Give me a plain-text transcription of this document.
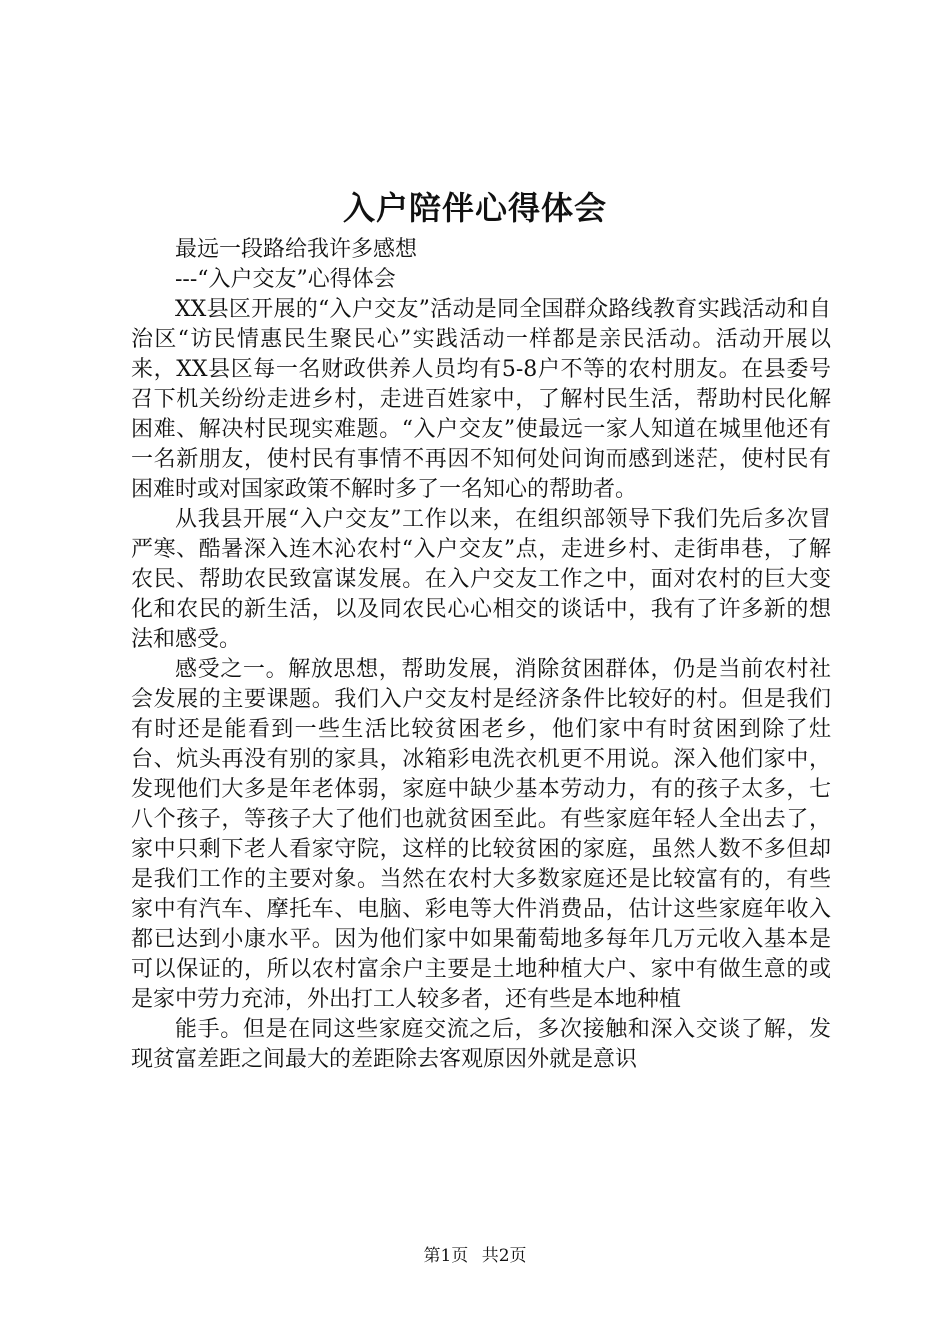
入户陪伴心得体会

最远一段路给我许多感想

---“入户交友”心得体会

XX县区开展的“入户交友”活动是同全国群众路线教育实践活动和自治区“访民情惠民生聚民心”实践活动一样都是亲民活动。活动开展以来，XX县区每一名财政供养人员均有5-8户不等的农村朋友。在县委号召下机关纷纷走进乡村，走进百姓家中，了解村民生活，帮助村民化解困难、解决村民现实难题。“入户交友”使最远一家人知道在城里他还有一名新朋友，使村民有事情不再因不知何处问询而感到迷茫，使村民有困难时或对国家政策不解时多了一名知心的帮助者。

从我县开展“入户交友”工作以来，在组织部领导下我们先后多次冒严寒、酷暑深入连木沁农村“入户交友”点，走进乡村、走街串巷，了解农民、帮助农民致富谋发展。在入户交友工作之中，面对农村的巨大变化和农民的新生活，以及同农民心心相交的谈话中，我有了许多新的想法和感受。

感受之一。解放思想，帮助发展，消除贫困群体，仍是当前农村社会发展的主要课题。我们入户交友村是经济条件比较好的村。但是我们有时还是能看到一些生活比较贫困老乡，他们家中有时贫困到除了灶台、炕头再没有别的家具，冰箱彩电洗衣机更不用说。深入他们家中，发现他们大多是年老体弱，家庭中缺少基本劳动力，有的孩子太多，七八个孩子，等孩子大了他们也就贫困至此。有些家庭年轻人全出去了，家中只剩下老人看家守院，这样的比较贫困的家庭，虽然人数不多但却是我们工作的主要对象。当然在农村大多数家庭还是比较富有的，有些家中有汽车、摩托车、电脑、彩电等大件消费品，估计这些家庭年收入都已达到小康水平。因为他们家中如果葡萄地多每年几万元收入基本是可以保证的，所以农村富余户主要是土地种植大户、家中有做生意的或是家中劳力充沛，外出打工人较多者，还有些是本地种植

能手。但是在同这些家庭交流之后，多次接触和深入交谈了解，发现贫富差距之间最大的差距除去客观原因外就是意识

第1页 共2页
